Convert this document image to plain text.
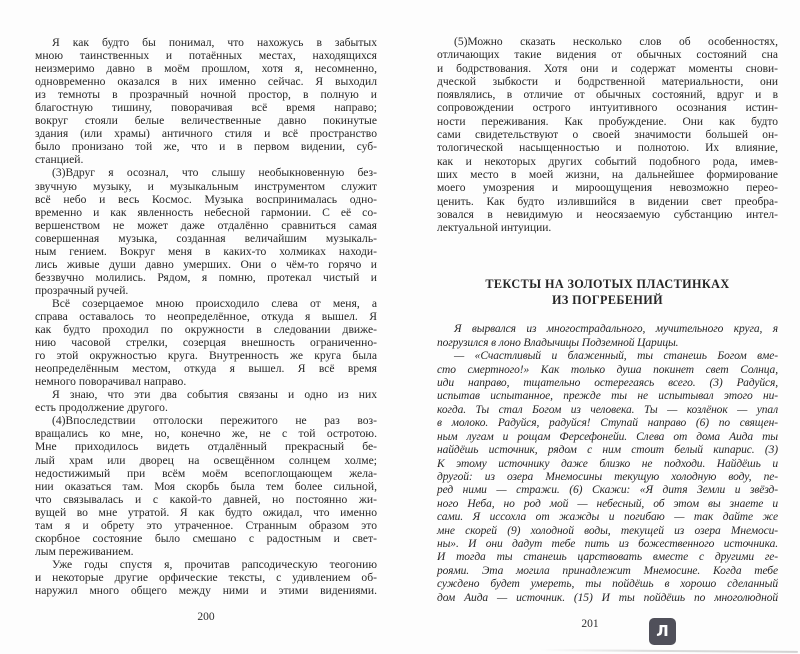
Я как будто бы понимал, что нахожусь в забытых
мною таинственных и потаённых местах, находящихся
неизмеримо давно в моём прошлом, хотя я, несомненно,
одновременно оказался в них именно сейчас. Я выходил
из темноты в прозрачный ночной простор, в полную и
благостную тишину, поворачивая всё время направо;
вокруг стояли белые величественные давно покинутые
здания (или храмы) античного стиля и всё пространство
было пронизано той же, что и в первом видении, суб-
станцией.
(3)Вдруг я осознал, что слышу необыкновенную без-
звучную музыку, и музыкальным инструментом служит
всё небо и весь Космос. Музыка воспринималась одно-
временно и как явленность небесной гармонии. С её со-
вершенством не может даже отдалённо сравниться самая
совершенная музыка, созданная величайшим музыкаль-
ным гением. Вокруг меня в каких-то холмиках находи-
лись живые души давно умерших. Они о чём-то горячо и
беззвучно молились. Рядом, я помню, протекал чистый и
прозрачный ручей.
Всё созерцаемое мною происходило слева от меня, а
справа оставалось то неопределённое, откуда я вышел. Я
как будто проходил по окружности в следовании движе-
нию часовой стрелки, созерцая внешность ограниченно-
го этой окружностью круга. Внутренность же круга была
неопределённым местом, откуда я вышел. Я всё время
немного поворачивал направо.
Я знаю, что эти два события связаны и одно из них
есть продолжение другого.
(4)Впоследствии отголоски пережитого не раз воз-
вращались ко мне, но, конечно же, не с той остротою.
Мне приходилось видеть отдалённый прекрасный бе-
лый храм или дворец на освещённом солнцем холме;
недостижимый при всём моём всепоглощающем жела-
нии оказаться там. Моя скорбь была тем более сильной,
что связывалась и с какой-то давней, но постоянно жи-
вущей во мне утратой. Я как будто ожидал, что именно
там я и обрету это утраченное. Странным образом это
скорбное состояние было смешано с радостным и свет-
лым переживанием.
Уже годы спустя я, прочитав рапсодическую теогонию
и некоторые другие орфические тексты, с удивлением об-
наружил много общего между ними и этими видениями.
(5)Можно сказать несколько слов об особенностях,
отличающих такие видения от обычных состояний сна
и бодрствования. Хотя они и содержат моменты снови-
дческой зыбкости и бодрственной материальности, они
появлялись, в отличие от обычных состояний, вдруг и в
сопровождении острого интуитивного осознания истин-
ности переживания. Как пробуждение. Они как будто
сами свидетельствуют о своей значимости большей он-
тологической насыщенностью и полнотою. Их влияние,
как и некоторых других событий подобного рода, имев-
ших место в моей жизни, на дальнейшее формирование
моего умозрения и мироощущения невозможно перео-
ценить. Как будто излившийся в видении свет преобра-
зовался в невидимую и неосязаемую субстанцию интел-
лектуальной интуиции.
ТЕКСТЫ НА ЗОЛОТЫХ ПЛАСТИНКАХ
ИЗ ПОГРЕБЕНИЙ
Я вырвался из многострадального, мучительного круга, я
погрузился в лоно Владычицы Подземной Царицы.
— «Счастливый и блаженный, ты станешь Богом вме-
сто смертного!» Как только душа покинет свет Солнца,
иди направо, тщательно остерегаясь всего. (3) Радуйся,
испытав испытанное, прежде ты не испытывал этого ни-
когда. Ты стал Богом из человека. Ты — козлёнок — упал
в молоко. Радуйся, радуйся! Ступай направо (6) по священ-
ным лугам и рощам Ферсефонейи. Слева от дома Аида ты
найдёшь источник, рядом с ним стоит белый кипарис. (3)
К этому источнику даже близко не подходи. Найдёшь и
другой: из озера Мнемосины текущую холодную воду, пе-
ред ними — стражи. (6) Скажи: «Я дитя Земли и звёзд-
ного Неба, но род мой — небесный, об этом вы знаете и
сами. Я иссохла от жажды и погибаю — так дайте же
мне скорей (9) холодной воды, текущей из озера Мнемоси-
ны». И они дадут тебе пить из божественного источника.
И тогда ты станешь царствовать вместе с другими ге-
роями. Эта могила принадлежит Мнемосине. Когда тебе
суждено будет умереть, ты пойдёшь в хорошо сделанный
дом Аида — источник. (15) И ты пойдёшь по многолюдной
200
201	Л
